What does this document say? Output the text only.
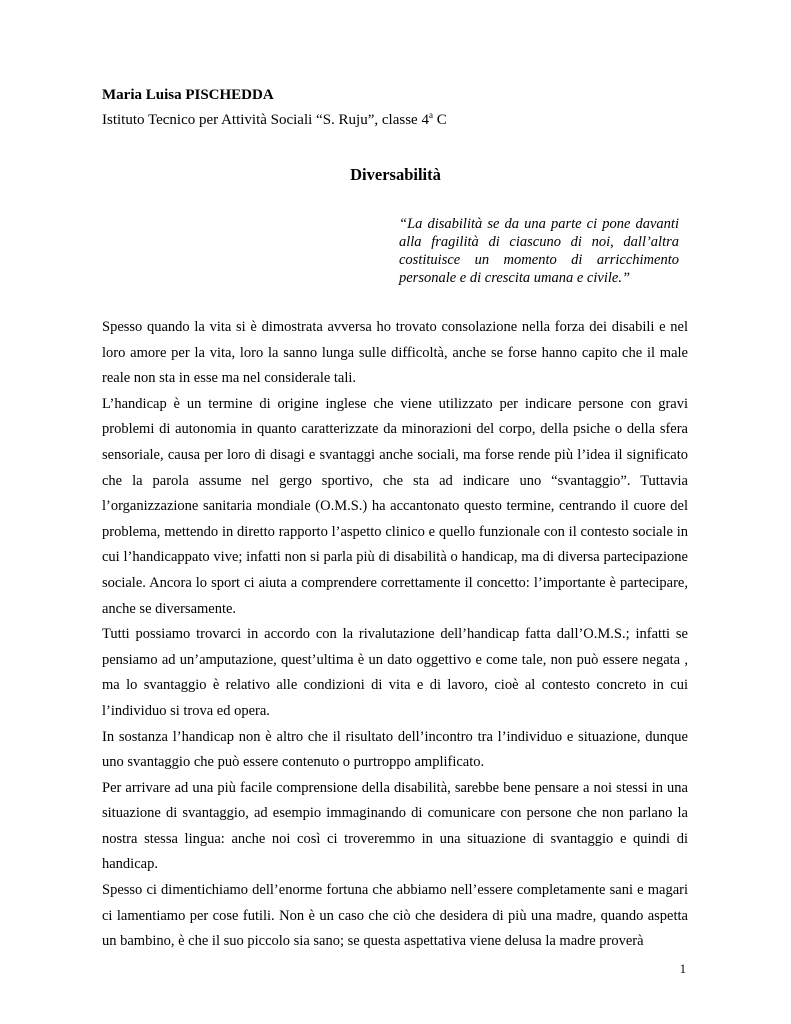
Maria Luisa PISCHEDDA
Istituto Tecnico per Attività Sociali “S. Ruju”, classe 4$^a$ C
Diversabilità
“La disabilità se da una parte ci pone davanti alla fragilità di ciascuno di noi, dall’altra costituisce un momento di arricchimento personale e di crescita umana e civile.”

Spesso quando la vita si è dimostrata avversa ho trovato consolazione nella forza dei disabili e nel loro amore per la vita, loro la sanno lunga sulle difficoltà, anche se forse hanno capito che il male reale non sta in esse ma nel considerale tali.

L’handicap è un termine di origine inglese che viene utilizzato per indicare persone con gravi problemi di autonomia in quanto caratterizzate da minorazioni del corpo, della psiche o della sfera sensoriale, causa per loro di disagi e svantaggi anche sociali, ma forse rende più l’idea il significato che la parola assume nel gergo sportivo, che sta ad indicare uno “svantaggio”. Tuttavia l’organizzazione sanitaria mondiale (O.M.S.) ha accantonato questo termine, centrando il cuore del problema, mettendo in diretto rapporto l’aspetto clinico e quello funzionale con il contesto sociale in cui l’handicappato vive; infatti non si parla più di disabilità o handicap, ma di diversa partecipazione sociale. Ancora lo sport ci aiuta a comprendere correttamente il concetto: l’importante è partecipare, anche se diversamente.

Tutti possiamo trovarci in accordo con la rivalutazione dell’handicap fatta dall’O.M.S.; infatti se pensiamo ad un’amputazione, quest’ultima è un dato oggettivo e come tale, non può essere negata , ma lo svantaggio è relativo alle condizioni di vita e di lavoro, cioè al contesto concreto in cui l’individuo si trova ed opera.

In sostanza l’handicap non è altro che il risultato dell’incontro tra l’individuo e situazione, dunque uno svantaggio che può essere contenuto o purtroppo amplificato.

Per arrivare ad una più facile comprensione della disabilità, sarebbe bene pensare a noi stessi in una situazione di svantaggio, ad esempio immaginando di comunicare con persone che non parlano la nostra stessa lingua: anche noi così ci troveremmo in una situazione di svantaggio e quindi di handicap.

Spesso ci dimentichiamo dell’enorme fortuna che abbiamo nell’essere completamente sani e magari ci lamentiamo per cose futili. Non è un caso che ciò che desidera di più una madre, quando aspetta un bambino, è che il suo piccolo sia sano; se questa aspettativa viene delusa la madre proverà

1
